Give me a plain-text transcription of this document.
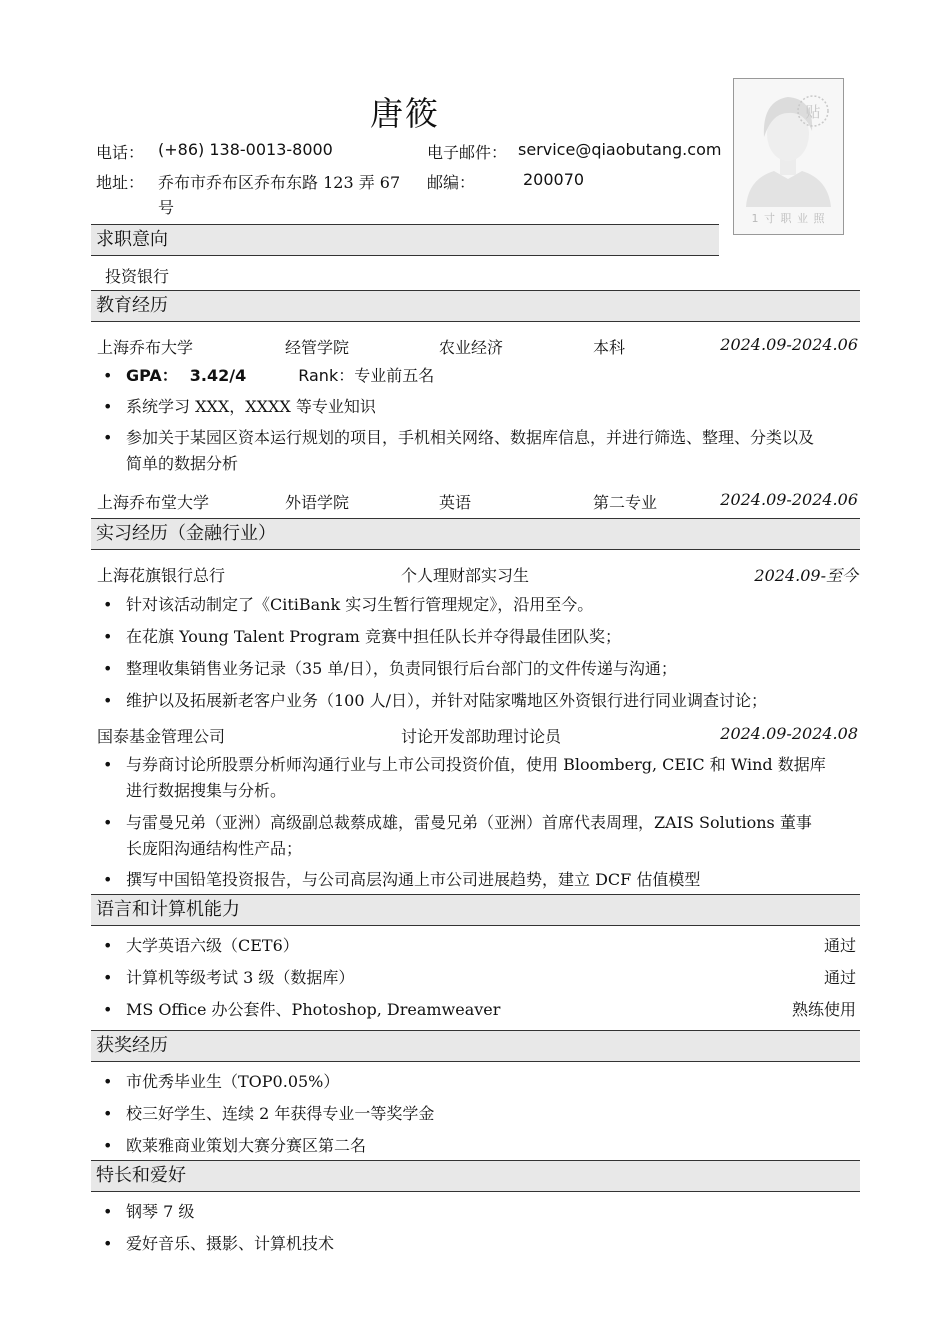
唐筱
电话： (+86) 138-0013-8000	电子邮件： service@qiaobutang.com
地址： 乔布市乔布区乔布东路 123 弄 67
号
邮编：	200070
贴
1 寸 职 业 照
求职意向
投资银行
教育经历
上海乔布大学	经管学院	农业经济	本科	2024.09-2024.06
• GPA： 3.42/4	Rank：专业前五名
• 系统学习 XXX，XXXX 等专业知识
• 参加关于某园区资本运行规划的项目，手机相关网络、数据库信息，并进行筛选、整理、分类以及
简单的数据分析
上海乔布堂大学	外语学院	英语	第二专业	2024.09-2024.06
实习经历（金融行业）
上海花旗银行总行	个人理财部实习生	2024.09-至今
• 针对该活动制定了《CitiBank 实习生暂行管理规定》，沿用至今。
• 在花旗 Young Talent Program 竞赛中担任队长并夺得最佳团队奖；
• 整理收集销售业务记录（35 单/日），负责同银行后台部门的文件传递与沟通；
• 维护以及拓展新老客户业务（100 人/日），并针对陆家嘴地区外资银行进行同业调查讨论；
国泰基金管理公司	讨论开发部助理讨论员	2024.09-2024.08
• 与券商讨论所股票分析师沟通行业与上市公司投资价值，使用 Bloomberg, CEIC 和 Wind 数据库
进行数据搜集与分析。
• 与雷曼兄弟（亚洲）高级副总裁蔡成雄，雷曼兄弟（亚洲）首席代表周理，ZAIS Solutions 董事
长庞阳沟通结构性产品；
• 撰写中国铅笔投资报告，与公司高层沟通上市公司进展趋势，建立 DCF 估值模型
语言和计算机能力
• 大学英语六级（CET6）	通过
• 计算机等级考试 3 级（数据库）	通过
• MS Office 办公套件、Photoshop, Dreamweaver	熟练使用
获奖经历
• 市优秀毕业生（TOP0.05%）
• 校三好学生、连续 2 年获得专业一等奖学金
• 欧莱雅商业策划大赛分赛区第二名
特长和爱好
• 钢琴 7 级
• 爱好音乐、摄影、计算机技术
